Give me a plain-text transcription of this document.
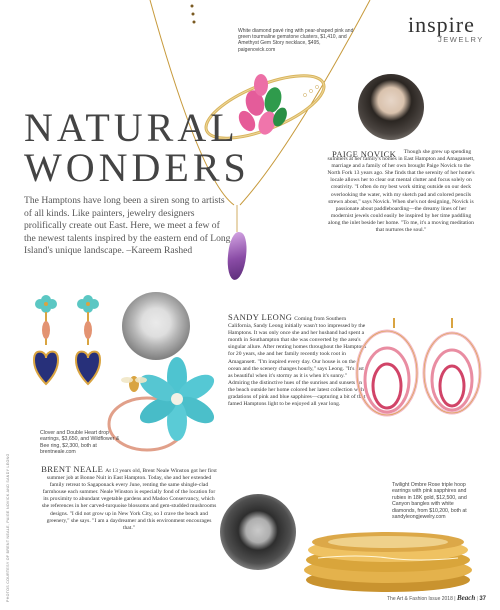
inspire
JEWELRY
White diamond pavé ring with pear-shaped pink and green tourmaline gemstone clusters, $1,410, and Amethyst Gem Story necklace, $495, paigenovick.com
NATURAL
WONDERS
The Hamptons have long been a siren song to artists of all kinds. Like painters, jewelry designers prolifically create out East. Here, we meet a few of the newest talents inspired by the eastern end of Long Island's unique landscape. –Kareem Rashed
PAIGE NOVICK	Though she grew up spending summers at her family's homes in East Hampton and Amagansett, marriage and a family of her own brought Paige Novick to the North Fork 13 years ago. She finds that the serenity of her home's locale allows her to clear out mental clutter and focus solely on creativity. "I often do my best work sitting outside on our deck overlooking the water, with my sketch pad and colored pencils strewn about," says Novick. When she's not designing, Novick is passionate about paddleboarding—the dreamy lines of her modernist jewels could easily be inspired by her time paddling along the inlet beside her home. "To me, it's a moving meditation that nurtures the soul."
SANDY LEONG Coming from Southern California, Sandy Leong initially wasn't too impressed by the Hamptons. It was only once she and her husband had spent a month in Southampton that she was converted by the area's singular allure. After renting homes throughout the Hamptons for 20 years, she and her family recently took root in Amagansett. "I'm inspired every day. Our house is on the ocean and the scenery changes hourly," says Leong. "It's just as beautiful when it's stormy as it is when it's sunny." Admiring the distinctive hues of the sunrises and sunsets on the beach outside her home colored her latest collection with gradations of pink and blue sapphires—capturing a bit of that famed Hamptons light to be enjoyed all year long.
Clover and Double Heart drop earrings, $3,650, and Wildflower & Bee ring, $2,300, both at brentneale.com
BRENT NEALE At 13 years old, Brent Neale Winston got her first summer job at Bonne Nuit in East Hampton. Today, she and her extended family retreat to Sagaponack every June, renting the same shingle-clad farmhouse each summer. Neale Winston is especially fond of the location for its proximity to abundant vegetable gardens and Madoo Conservancy, which she references in her carved-turquoise blossoms and gem-studded mushrooms designs. "I did not grow up in New York City, so I crave the beach and greenery," she says. "I am a daydreamer and this environment encourages that."
PHOTOS COURTESY OF BRENT NEALE, PAIGE NOVICK AND SANDY LEONG	Twilight Ombre Rose triple hoop earrings with pink sapphires and rubies in 18K gold, $12,500, and Canyon bangles with white diamonds, from $10,200, both at sandyleongjewelry.com
The Art & Fashion Issue 2018 | Beach | 37
